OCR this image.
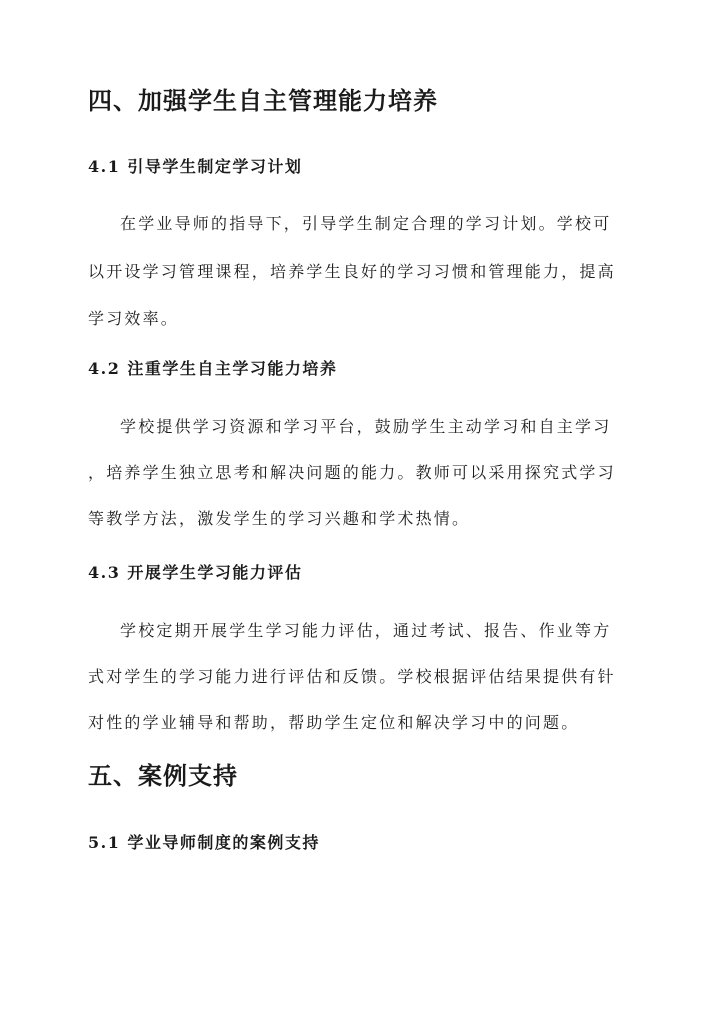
四、加强学生自主管理能力培养
4.1 引导学生制定学习计划
在学业导师的指导下，引导学生制定合理的学习计划。学校可
以开设学习管理课程，培养学生良好的学习习惯和管理能力，提高
学习效率。
4.2 注重学生自主学习能力培养
学校提供学习资源和学习平台，鼓励学生主动学习和自主学习
，培养学生独立思考和解决问题的能力。教师可以采用探究式学习
等教学方法，激发学生的学习兴趣和学术热情。
4.3 开展学生学习能力评估
学校定期开展学生学习能力评估，通过考试、报告、作业等方
式对学生的学习能力进行评估和反馈。学校根据评估结果提供有针
对性的学业辅导和帮助，帮助学生定位和解决学习中的问题。
五、案例支持
5.1 学业导师制度的案例支持
